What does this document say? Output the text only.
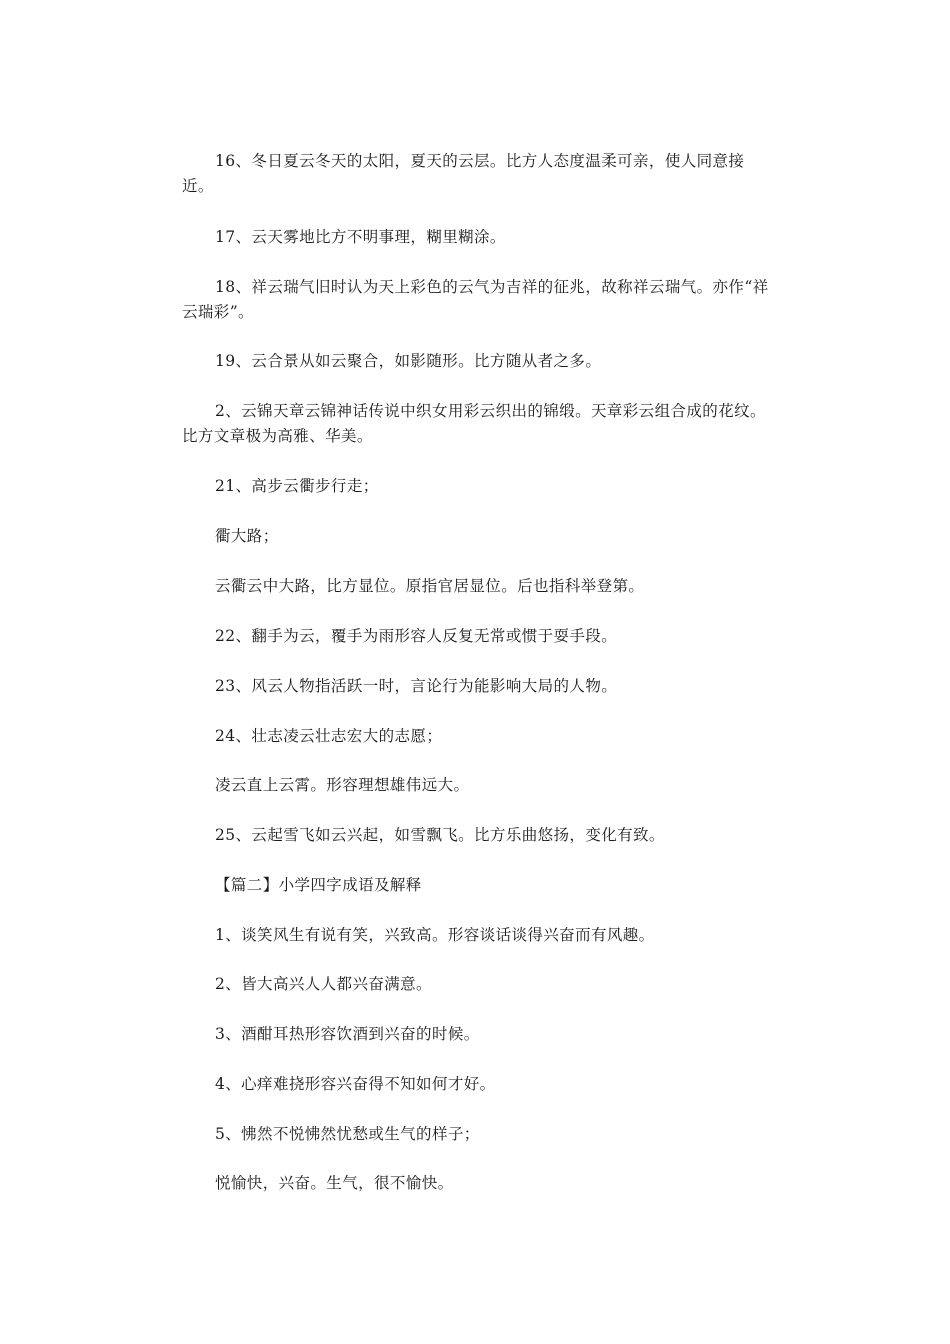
16、冬日夏云冬天的太阳，夏天的云层。比方人态度温柔可亲，使人同意接近。

17、云天雾地比方不明事理，糊里糊涂。

18、祥云瑞气旧时认为天上彩色的云气为吉祥的征兆，故称祥云瑞气。亦作“祥云瑞彩”。

19、云合景从如云聚合，如影随形。比方随从者之多。

2、云锦天章云锦神话传说中织女用彩云织出的锦缎。天章彩云组合成的花纹。比方文章极为高雅、华美。

21、高步云衢步行走；

衢大路；

云衢云中大路，比方显位。原指官居显位。后也指科举登第。

22、翻手为云，覆手为雨形容人反复无常或惯于耍手段。

23、风云人物指活跃一时，言论行为能影响大局的人物。

24、壮志凌云壮志宏大的志愿；

凌云直上云霄。形容理想雄伟远大。

25、云起雪飞如云兴起，如雪飘飞。比方乐曲悠扬，变化有致。

【篇二】小学四字成语及解释

1、谈笑风生有说有笑，兴致高。形容谈话谈得兴奋而有风趣。

2、皆大高兴人人都兴奋满意。

3、酒酣耳热形容饮酒到兴奋的时候。

4、心痒难挠形容兴奋得不知如何才好。

5、怫然不悦怫然忧愁或生气的样子；

悦愉快，兴奋。生气，很不愉快。
